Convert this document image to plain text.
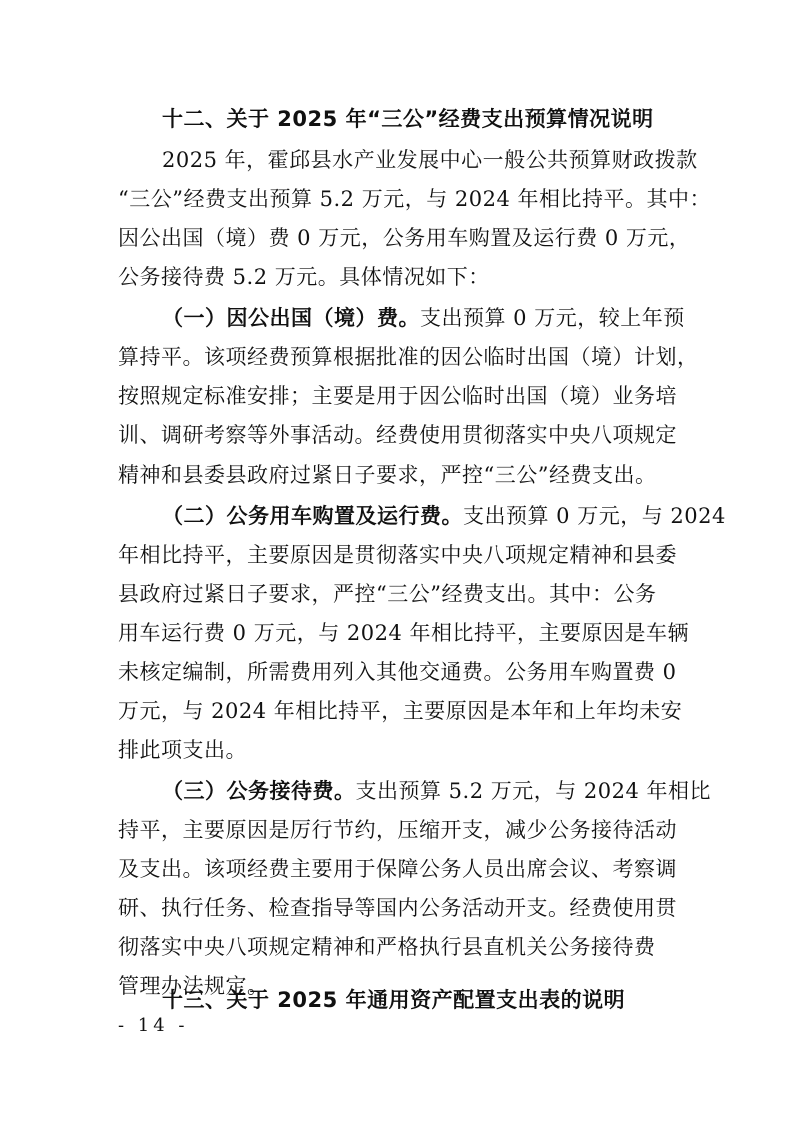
十二、关于 2025 年“三公”经费支出预算情况说明
2025 年，霍邱县水产业发展中心一般公共预算财政拨款
“三公”经费支出预算 5.2 万元，与 2024 年相比持平。其中：
因公出国（境）费 0 万元，公务用车购置及运行费 0 万元，
公务接待费 5.2 万元。具体情况如下：
（一）因公出国（境）费。支出预算 0 万元，较上年预
算持平。该项经费预算根据批准的因公临时出国（境）计划，
按照规定标准安排；主要是用于因公临时出国（境）业务培
训、调研考察等外事活动。经费使用贯彻落实中央八项规定
精神和县委县政府过紧日子要求，严控“三公”经费支出。
（二）公务用车购置及运行费。支出预算 0 万元，与 2024
年相比持平，主要原因是贯彻落实中央八项规定精神和县委
县政府过紧日子要求，严控“三公”经费支出。其中：公务
用车运行费 0 万元，与 2024 年相比持平，主要原因是车辆
未核定编制，所需费用列入其他交通费。公务用车购置费 0
万元，与 2024 年相比持平，主要原因是本年和上年均未安
排此项支出。
（三）公务接待费。支出预算 5.2 万元，与 2024 年相比
持平，主要原因是厉行节约，压缩开支，减少公务接待活动
及支出。该项经费主要用于保障公务人员出席会议、考察调
研、执行任务、检查指导等国内公务活动开支。经费使用贯
彻落实中央八项规定精神和严格执行县直机关公务接待费
管理办法规定。
十三、关于 2025 年通用资产配置支出表的说明
- 14 -
